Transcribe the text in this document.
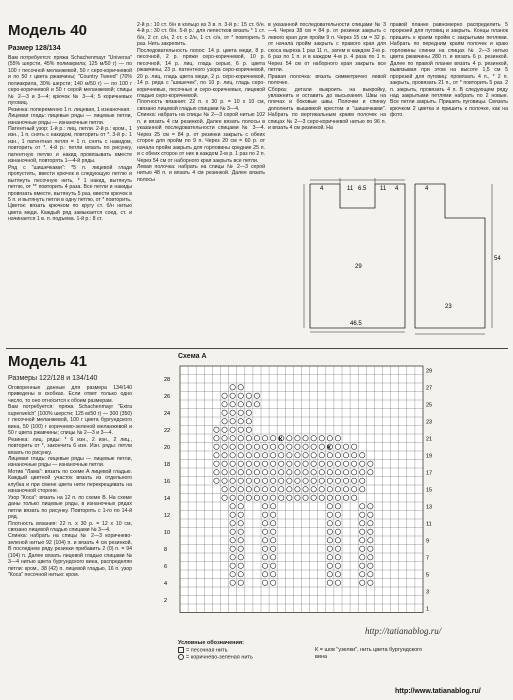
Модель 40
Размер 128/134
Вам потребуется: пряжа Schachenmayr "Universa" (55% шерсти, 45% полиакрила; 125 м/50 г) — по 100 г песочной меланжевой, 50 г серо-коричневой и по 50 г цвета ржавчины; "Country Tweed" (70% полиакрила, 30% шерсти; 140 м/50 г) — по 100 г серо-коричневой и 50 г серой меланжевой; спицы № 2—3 и 3—4; крючок № 3—4; 5 коричневых пуговиц.
Резинка: попеременно 1 п. лицевая, 1 изнаночная.
Лицевая гладь: лицевые ряды — лицевые петли, изнаночные ряды — изнаночные петли.
Патентный узор: 1-й р.: лиц. петли. 2-й р.: кром., 1 изн., 1 п. снять с накидом, повторить от *. 3-й р.: 1 изн., 1 патентная петля = 1 п. снять с накидом, повторить от *. 4-й р.: петли вязать по рисунку, патентную петлю и накид провязывать вместе изнаночной, повторять 1—4-й ряды.
Ряд с "шишечками": *5 п. лицевой глади пропустить, ввести крючок в следующую петлю и вытянуть песочную нить, * 1 накид, вытянуть петлю, от ** повторить 4 раза. Все петли и накиды провязать вместе, вытянуть 5 раз, ввести крючок в 5 п. и вытянуть петли в одну петлю, от * повторить.
Цветок: вязать крючком по кругу ст. б/н нитью цвета меди. Каждый ряд замыкается соед. ст. и начинается 1 в. п. подъема. 1-й р.: 8 ст.
2-й р.: 10 ст. б/н в кольцо из 3 в. п. 3-й р.: 15 ст. б/н. 4-й р.: 30 ст. б/н. 5-й р.: для лепестков вязать * 1 ст. б/н, 2 ст. с/н, 2 ст. с 2/н, 1 ст. с/н, от * повторить 5 раз. Нить закрепить.
Последовательность полос: 14 р. цвета меди, 8 р. песочной, 2 р. пряжи серо-коричневой, 10 р. песочной, 14 р. лиц. гладь серых, 6 р. цвета ржавчины, 23 р. патентного узора серо-коричневой, 20 р. лиц. гладь цвета меди, 2 р. серо-коричневой, 14 р. ряда с "шишечек", по 10 р. лиц. гладь серо-коричневых, песочных и серо-коричневых, лицевой гладью серо-коричневой.
Плотность вязания: 22 п. x 30 р. = 10 x 10 см, связано лицевой гладью спицами № 3—4.
Спинка: набрать на спицы № 2—3 серой нитью 102 п. и вязать 4 см резинкой. Далее вязать полосы в указанной последовательности спицами № 3—4. Через 25 см = 84 р. от резинки закрыть с обеих сторон для пройм по 9 п. Через 20 см = 60 р. от начала пройм закрыть для горловины средние 25 п. и с обеих сторон от них в каждом 2-м р. 1 раз по 2 п. Через 54 см от наборного края закрыть все петли.
Левая полочка: набрать на спицы № 2—3 серой нитью 48 п. и вязать 4 см резинкой. Далее вязать полосы
в указанной последовательности спицами № 3—4. Через 38 см = 84 р. от резинки закрыть с левого края для пройм 9 п. Через 15 см = 32 р. от начала пройм закрыть с правого края для скоса выреза 1 раз 11 п., затем в каждом 2-м р. 6 раз по 1 п. и в каждом 4-м р. 4 раза по 1 п. Через 54 см от наборного края закрыть все петли.
Правая полочка: вязать симметрично левой полочке.
Сборка: детали выкроить на выкройку, увлажнить и оставить до высыхания. Швы на плечах и боковые швы. Полочки и спинку дополнить вышивкой крестом и "шишечками". Набрать по вертикальным краям полочек на спицах № 2—3 серо-коричневой нитью по 96 п. и вязать 4 см резинкой. На
правой планке равномерно распределить 5 прорезей для пуговиц и закрыть. Концы планок пришить к краям пройм с закрытыми петлями. Набрать по передним краям полочек и краю горловины спинки на спицах № 2—3 нитью цвета ржавчины 280 п. и вязать 6 р. резинкой. Далее по правой планке вязать 4 р. резинкой, вывязывая при этом на высоте 1,5 см 5 прорезей для пуговиц: провязать 4 п., * 2 п. закрыть, провязать 21 п., от * повторить 5 раз. 2 п. закрыть, провязать 4 п. В следующем ряду над закрытыми петлями набрать по 2 новые. Все петли закрыть. Пришить пуговицы. Связать крючком 2 цветка и пришить к полочке, как на фото.
4	11 6.5 11 4
54
29
4
23
46.5
Модель 41
Размеры 122/128 и 134/140
Оговоренные данные для размера 134/140 приведены в скобках. Если ответ только одно число, то оно относится к обоим размерам.
Вам потребуется: пряжа Schachenmayr "Extra superweich" (100% шерсти; 125 м/50 г) — 300 (350) г песочной меланжевой, 100 г цвета бургундского вина, 50 (100) г коричнево-зеленой меланжевой и 50 г цвета ржавчины; спицы № 2—3 и 3—4.
Резинка: лиц. ряды: * 6 изн., 2 изн., 2 лиц., повторить от *, закончить 6 изн. Изн. ряды: петли вязать по рисунку.
Лицевая гладь: лицевые ряды — лицевые петли, изнаночные ряды — изнаночные петли.
Мотив "Лама": вязать по схеме А лицевой гладью. Каждый цветной участок вязать из отдельного клубка и при смене цвета нити перекрещивать на изнаночной стороне.
Узор "Коса": вязать на 12 п. по схеме В. На схеме даны только лицевые ряды, в изнаночных рядах петли вязать по рисунку. Повторять с 1-го по 14-й ряд.
Плотность вязания: 22 п. x 30 р. = 12 x 10 см, связано лицевой гладью спицами № 3—4.
Спинка: набрать на спицы № 2—3 коричнево-зеленой нитью 92 (104) п. и вязать 4 см резинкой. В последнем ряду резинки прибавить 2 (0) п. = 94 (104) п. Далее вязать лицевой гладью спицами № 3—4 нитью цвета бургундского вина, распределяя петли: кром., 38 (42) п. лицевой гладью, 16 п. узор "Коса" песочной нитью: кром.
Схема А
29
27
25
23
21
19
17
15
13
11
9
7
5
3
1
28
26
24
22
20
18
16
14
12
10
8
6
4
2
К
К
Условные обозначения:
= песочная нить
= коричнево-зеленая нить
К = шов "узелки", нить цвета бургундского вина
http://tatianablog.ru/
http://www.tatianablog.ru/
